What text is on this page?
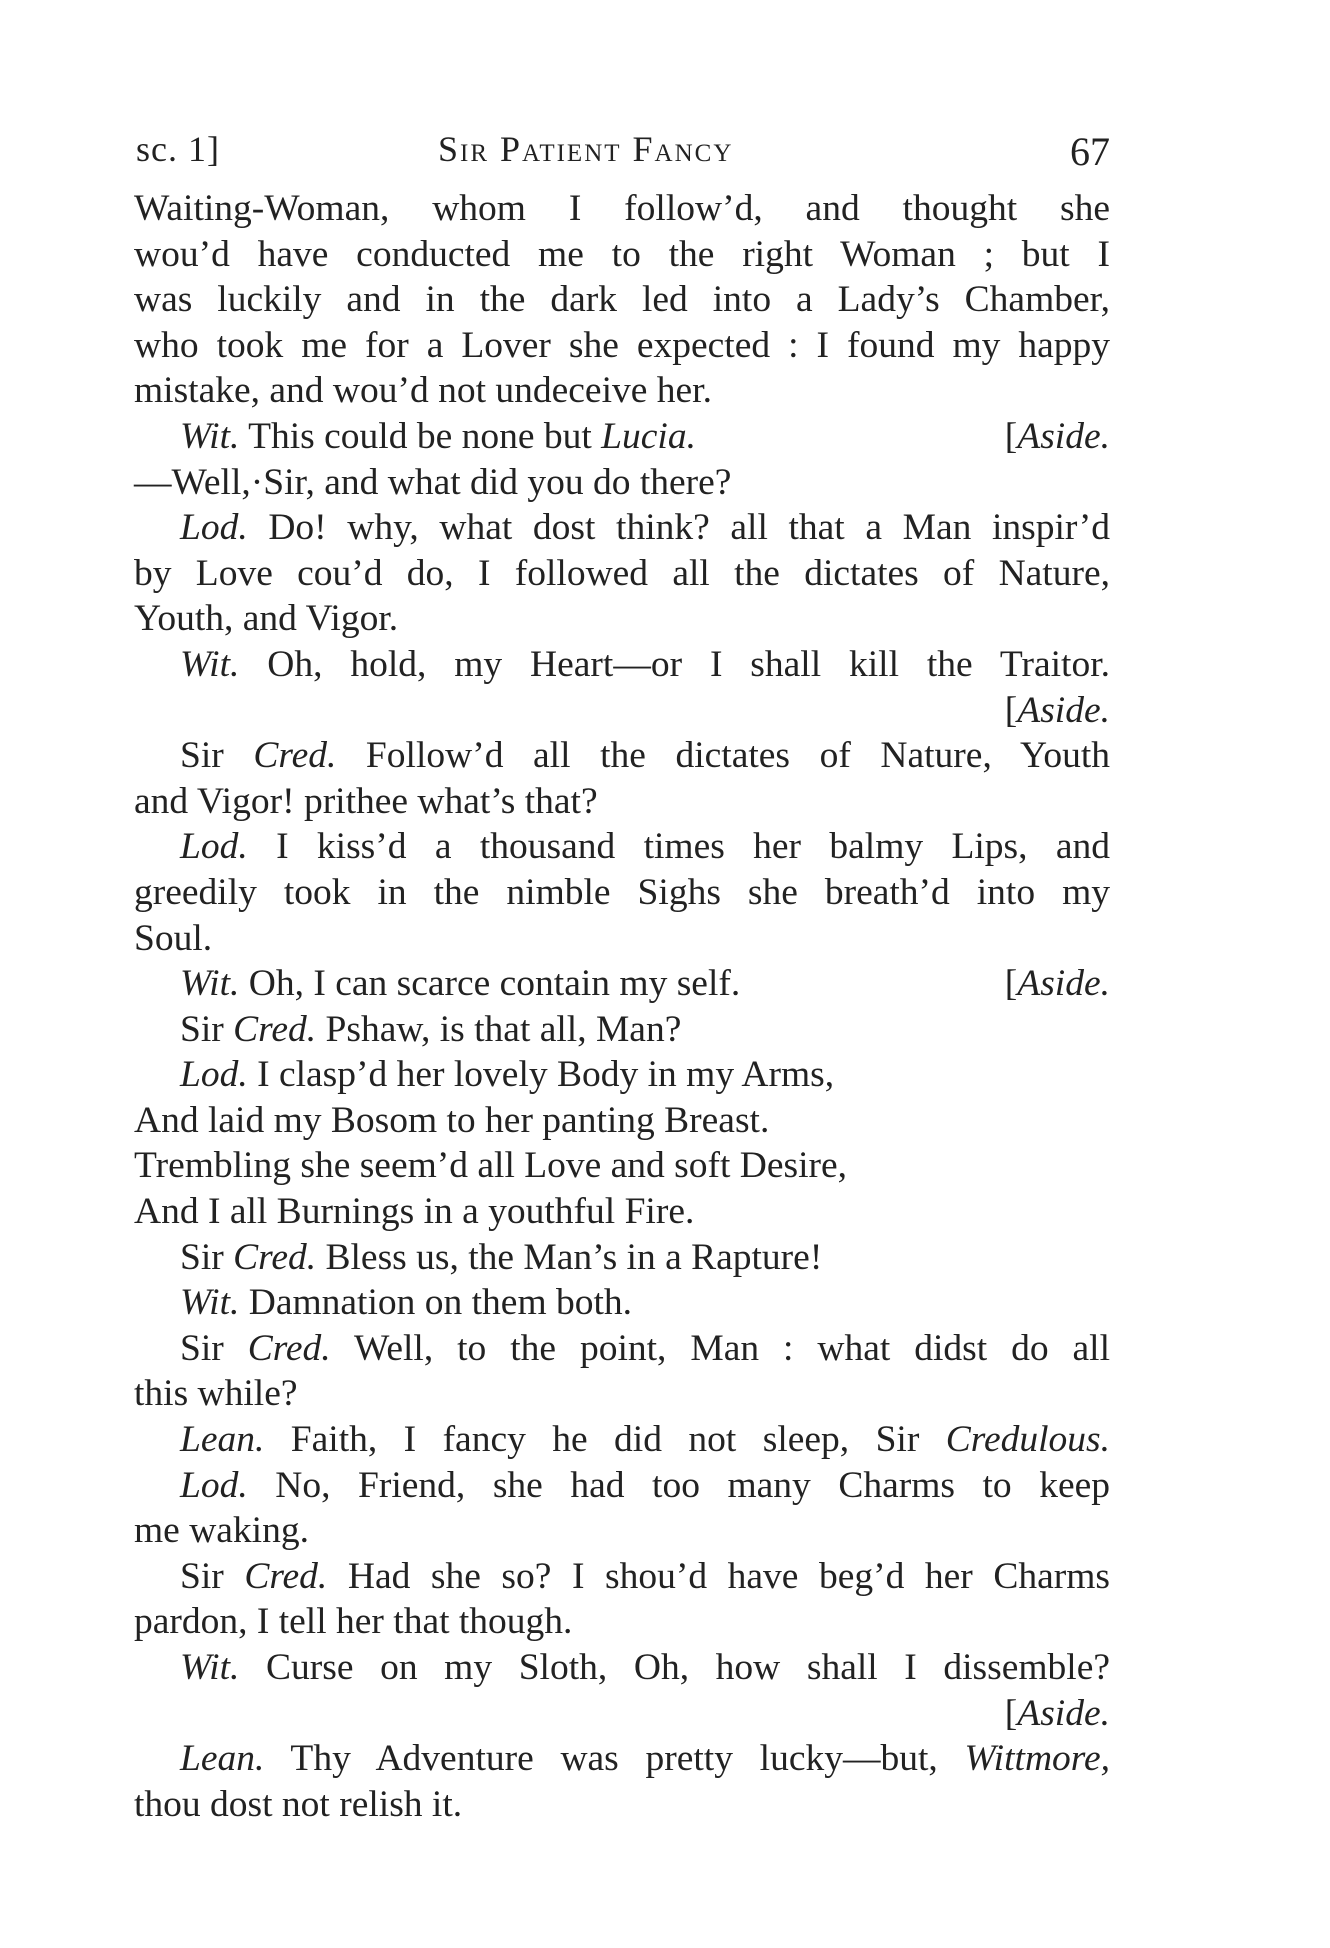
sc. 1]	Sir Patient Fancy	67
Waiting-Woman, whom I follow’d, and thought she
wou’d have conducted me to the right Woman ; but I
was luckily and in the dark led into a Lady’s Chamber,
who took me for a Lover she expected : I found my happy
mistake, and wou’d not undeceive her.
Wit. This could be none but Lucia.	[Aside.
—Well,·Sir, and what did you do there?
Lod. Do! why, what dost think? all that a Man inspir’d
by Love cou’d do, I followed all the dictates of Nature,
Youth, and Vigor.
Wit. Oh, hold, my Heart—or I shall kill the Traitor.
[Aside.
Sir Cred. Follow’d all the dictates of Nature, Youth
and Vigor! prithee what’s that?
Lod. I kiss’d a thousand times her balmy Lips, and
greedily took in the nimble Sighs she breath’d into my
Soul.
Wit. Oh, I can scarce contain my self.	[Aside.
Sir Cred. Pshaw, is that all, Man?
Lod. I clasp’d her lovely Body in my Arms,
And laid my Bosom to her panting Breast.
Trembling she seem’d all Love and soft Desire,
And I all Burnings in a youthful Fire.
Sir Cred. Bless us, the Man’s in a Rapture!
Wit. Damnation on them both.
Sir Cred. Well, to the point, Man : what didst do all
this while?
Lean. Faith, I fancy he did not sleep, Sir Credulous.
Lod. No, Friend, she had too many Charms to keep
me waking.
Sir Cred. Had she so? I shou’d have beg’d her Charms
pardon, I tell her that though.
Wit. Curse on my Sloth, Oh, how shall I dissemble?
[Aside.
Lean. Thy Adventure was pretty lucky—but, Wittmore,
thou dost not relish it.
